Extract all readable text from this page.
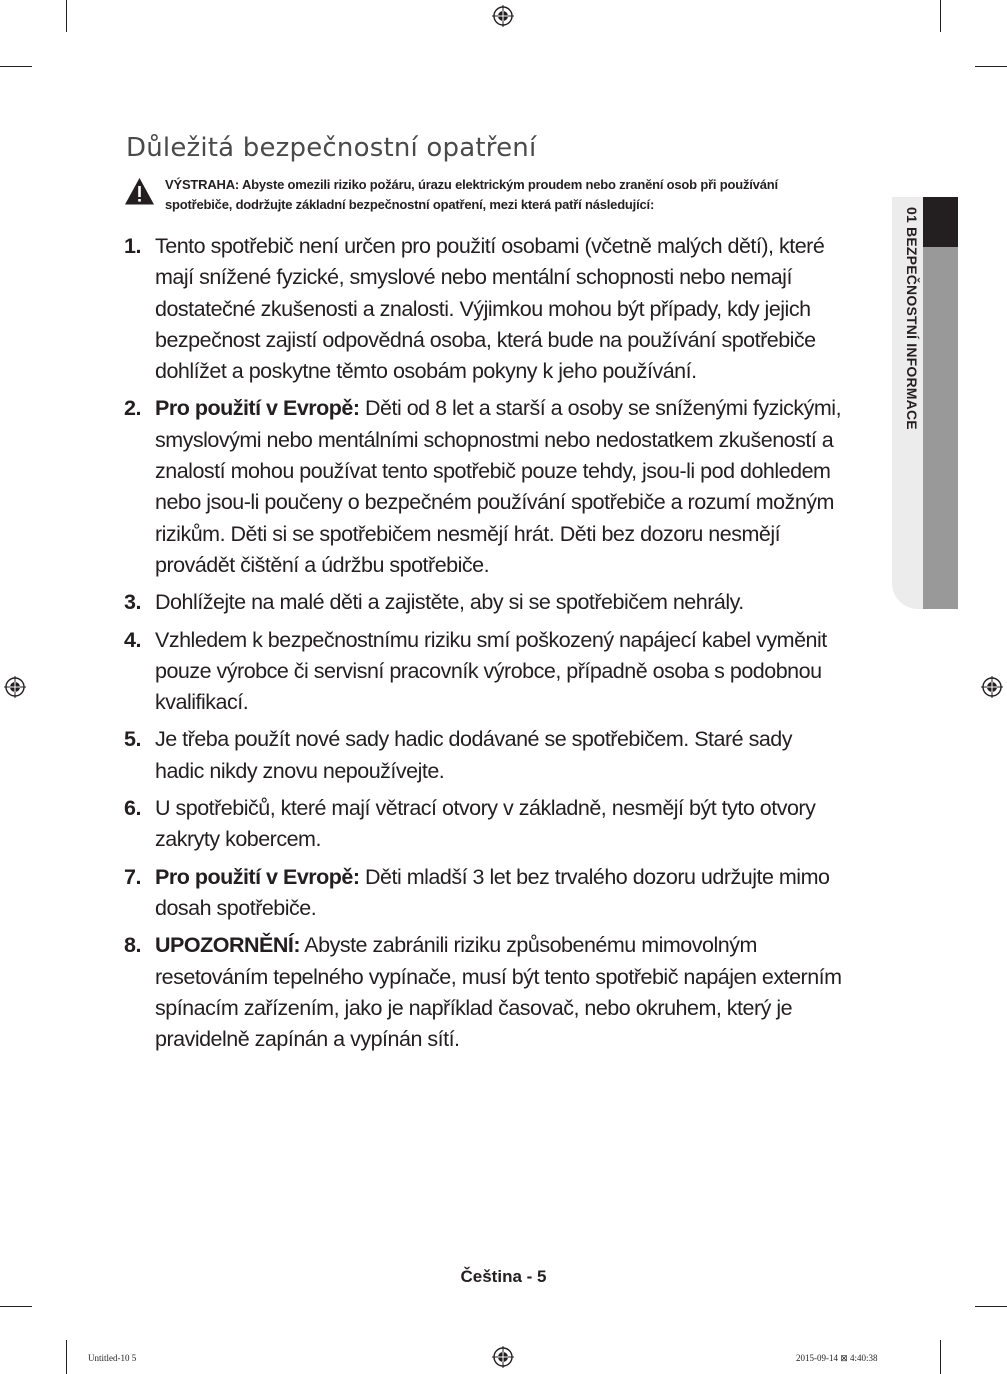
Důležitá bezpečnostní opatření
VÝSTRAHA: Abyste omezili riziko požáru, úrazu elektrickým proudem nebo zranění osob při používání spotřebiče, dodržujte základní bezpečnostní opatření, mezi která patří následující:
1. Tento spotřebič není určen pro použití osobami (včetně malých dětí), které mají snížené fyzické, smyslové nebo mentální schopnosti nebo nemají dostatečné zkušenosti a znalosti. Výjimkou mohou být případy, kdy jejich bezpečnost zajistí odpovědná osoba, která bude na používání spotřebiče dohlížet a poskytne těmto osobám pokyny k jeho používání.
2. Pro použití v Evropě: Děti od 8 let a starší a osoby se sníženými fyzickými, smyslovými nebo mentálními schopnostmi nebo nedostatkem zkušeností a znalostí mohou používat tento spotřebič pouze tehdy, jsou-li pod dohledem nebo jsou-li poučeny o bezpečném používání spotřebiče a rozumí možným rizikům. Děti si se spotřebičem nesmějí hrát. Děti bez dozoru nesmějí provádět čištění a údržbu spotřebiče.
3. Dohlížejte na malé děti a zajistěte, aby si se spotřebičem nehrály.
4. Vzhledem k bezpečnostnímu riziku smí poškozený napájecí kabel vyměnit pouze výrobce či servisní pracovník výrobce, případně osoba s podobnou kvalifikací.
5. Je třeba použít nové sady hadic dodávané se spotřebičem. Staré sady hadic nikdy znovu nepoužívejte.
6. U spotřebičů, které mají větrací otvory v základně, nesmějí být tyto otvory zakryty kobercem.
7. Pro použití v Evropě: Děti mladší 3 let bez trvalého dozoru udržujte mimo dosah spotřebiče.
8. UPOZORNĚNÍ: Abyste zabránili riziku způsobenému mimovolným resetováním tepelného vypínače, musí být tento spotřebič napájen externím spínacím zařízením, jako je například časovač, nebo okruhem, který je pravidelně zapínán a vypínán sítí.
01 BEZPEČNOSTNÍ INFORMACE
Čeština - 5
Untitled-10 5	2015-09-14 ⊠ 4:40:38
